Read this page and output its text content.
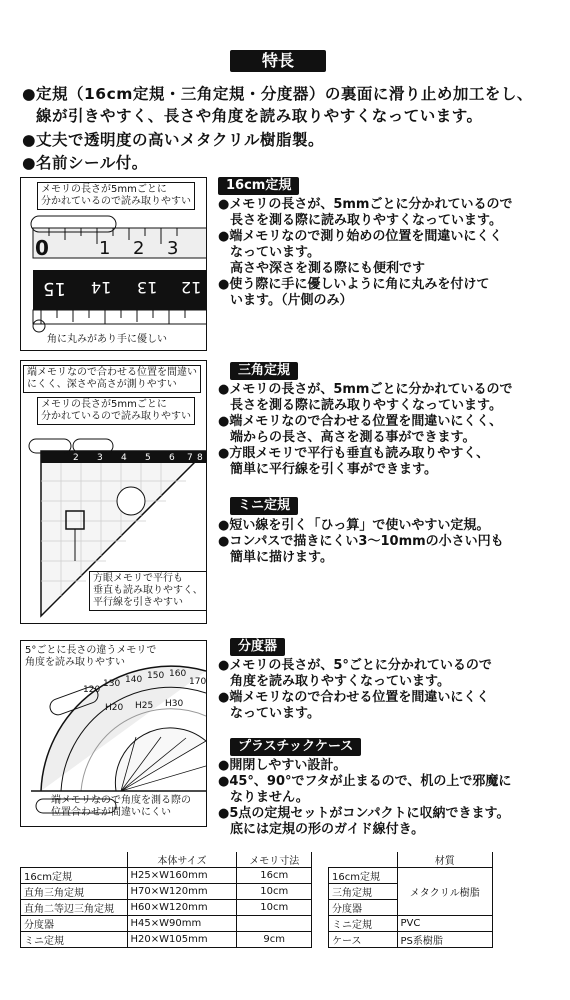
特長
●定規（16cm定規・三角定規・分度器）の裏面に滑り止め加工をし、
線が引きやすく、長さや角度を読み取りやすくなっています。
●丈夫で透明度の高いメタクリル樹脂製。
●名前シール付。
メモリの長さが5mmごとに
分かれているので読み取りやすい
0	1 2 3
15 14 13 12
角に丸みがあり手に優しい
16cm定規
●メモリの長さが、5mmごとに分かれているので
長さを測る際に読み取りやすくなっています。
●端メモリなので測り始めの位置を間違いにくく
なっています。
高さや深さを測る際にも便利です
●使う際に手に優しいように角に丸みを付けて
います。（片側のみ）
端メモリなので合わせる位置を間違い
にくく、深さや高さが測りやすい
メモリの長さが5mmごとに
分かれているので読み取りやすい
2 3 4 5 6 7 8
方眼メモリで平行も
垂直も読み取りやすく、
平行線を引きやすい
三角定規
●メモリの長さが、5mmごとに分かれているので
長さを測る際に読み取りやすくなっています。
●端メモリなので合わせる位置を間違いにくく、
端からの長さ、高さを測る事ができます。
●方眼メモリで平行も垂直も読み取りやすく、
簡単に平行線を引く事ができます。
ミニ定規
●短い線を引く「ひっ算」で使いやすい定規。
●コンパスで描きにくい3〜10mmの小さい円も
簡単に描けます。
5°ごとに長さの違うメモリで
角度を読み取りやすい
130 140 150 160
170
120
H20 H25 H30
端メモリなので角度を測る際の
位置合わせが間違いにくい
分度器
●メモリの長さが、5°ごとに分かれているので
角度を読み取りやすくなっています。
●端メモリなので合わせる位置を間違いにくく
なっています。
プラスチックケース
●開閉しやすい設計。
●45°、90°でフタが止まるので、机の上で邪魔に
なりません。
●5点の定規セットがコンパクトに収納できます。
底には定規の形のガイド線付き。
	本体サイズ	メモリ寸法
16cm定規	H25×W160mm	16cm
直角三角定規	H70×W120mm	10cm
直角二等辺三角定規	H60×W120mm	10cm
分度器	H45×W90mm	
ミニ定規	H20×W105mm	9cm
	材質
16cm定規	メタクリル樹脂
三角定規	
分度器	
ミニ定規	PVC
ケース	PS系樹脂
